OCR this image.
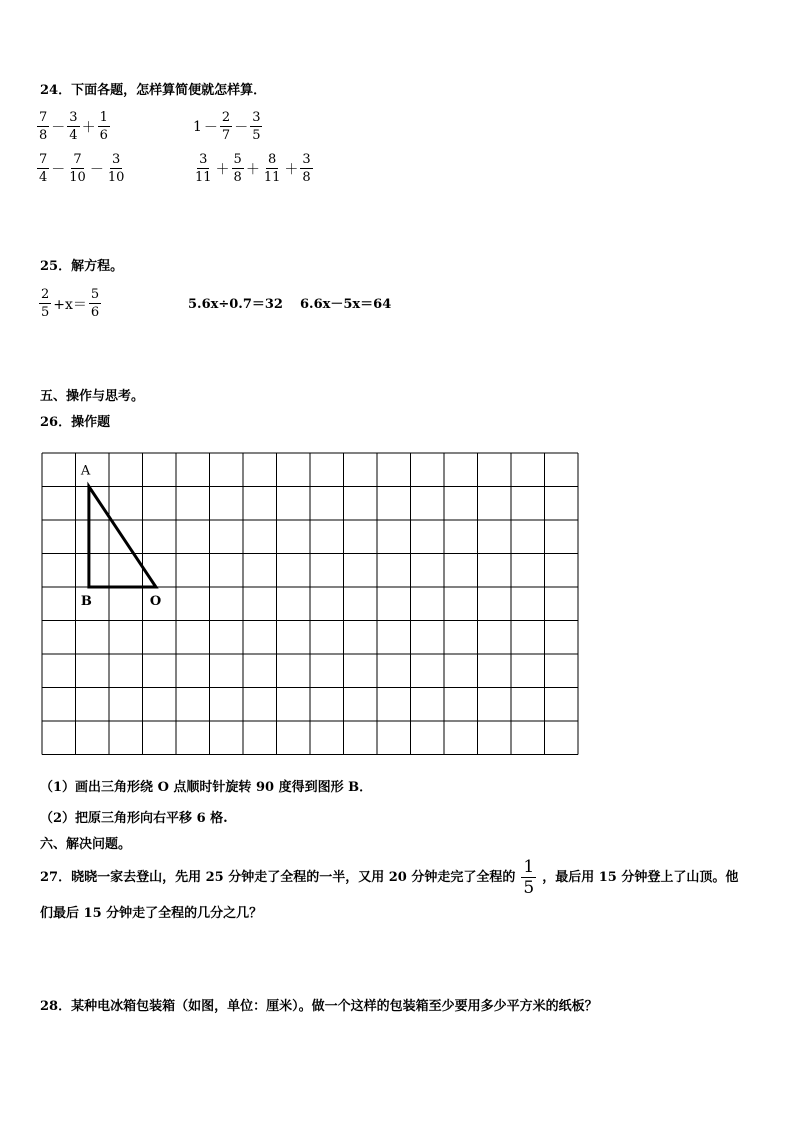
24．下面各题，怎样算简便就怎样算．
$\frac{7}{8} - \frac{3}{4} + \frac{1}{6}$	$1 - \frac{2}{7} - \frac{3}{5}$
$\frac{7}{4} - \frac{7}{10} - \frac{3}{10}$	$\frac{3}{11} + \frac{5}{8} + \frac{8}{11} + \frac{3}{8}$
25．解方程。
$\frac{2}{5} +x= \frac{5}{6}$	5.6x÷0.7＝32 6.6x－5x＝64
五、操作与思考。
26．操作题
A
B	O
（1）画出三角形绕 O 点顺时针旋转 90 度得到图形 B．
（2）把原三角形向右平移 6 格.
六、解决问题。
27．晓晓一家去登山，先用 25 分钟走了全程的一半，又用 20 分钟走完了全程的 $\frac{1}{5}$ ，最后用 15 分钟登上了山顶。他
们最后 15 分钟走了全程的几分之几？
28．某种电冰箱包装箱（如图，单位：厘米）。做一个这样的包装箱至少要用多少平方米的纸板？
